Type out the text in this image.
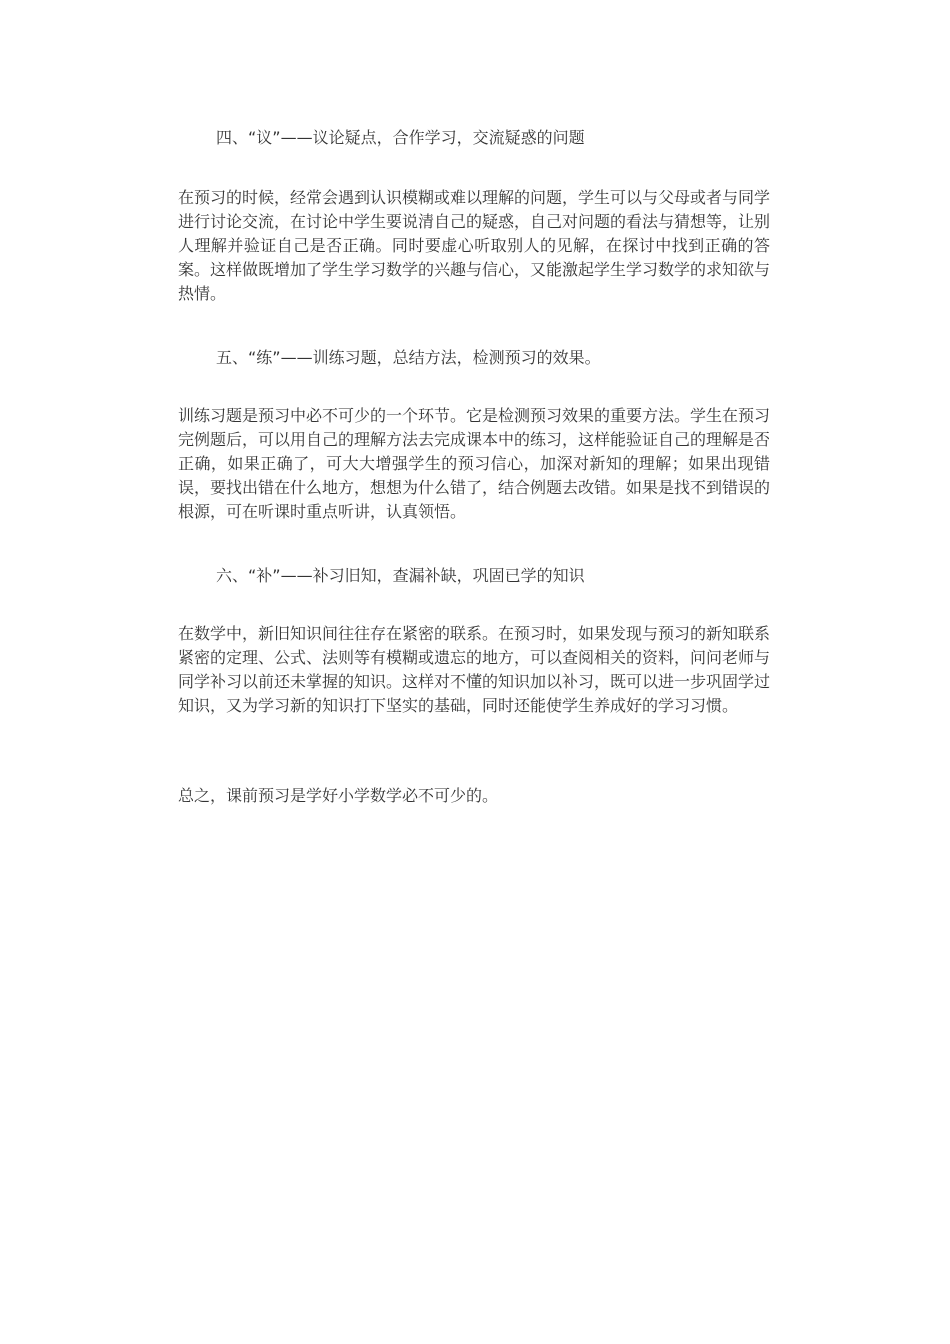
四、“议”——议论疑点，合作学习，交流疑惑的问题

在预习的时候，经常会遇到认识模糊或难以理解的问题，学生可以与父母或者与同学进行讨论交流，在讨论中学生要说清自己的疑惑，自己对问题的看法与猜想等，让别人理解并验证自己是否正确。同时要虚心听取别人的见解，在探讨中找到正确的答案。这样做既增加了学生学习数学的兴趣与信心，又能激起学生学习数学的求知欲与热情。

五、“练”——训练习题，总结方法，检测预习的效果。

训练习题是预习中必不可少的一个环节。它是检测预习效果的重要方法。学生在预习完例题后，可以用自己的理解方法去完成课本中的练习，这样能验证自己的理解是否正确，如果正确了，可大大增强学生的预习信心，加深对新知的理解；如果出现错误，要找出错在什么地方，想想为什么错了，结合例题去改错。如果是找不到错误的根源，可在听课时重点听讲，认真领悟。

六、“补”——补习旧知，查漏补缺，巩固已学的知识

在数学中，新旧知识间往往存在紧密的联系。在预习时，如果发现与预习的新知联系紧密的定理、公式、法则等有模糊或遗忘的地方，可以查阅相关的资料，问问老师与同学补习以前还未掌握的知识。这样对不懂的知识加以补习，既可以进一步巩固学过知识，又为学习新的知识打下坚实的基础，同时还能使学生养成好的学习习惯。

总之，课前预习是学好小学数学必不可少的。
